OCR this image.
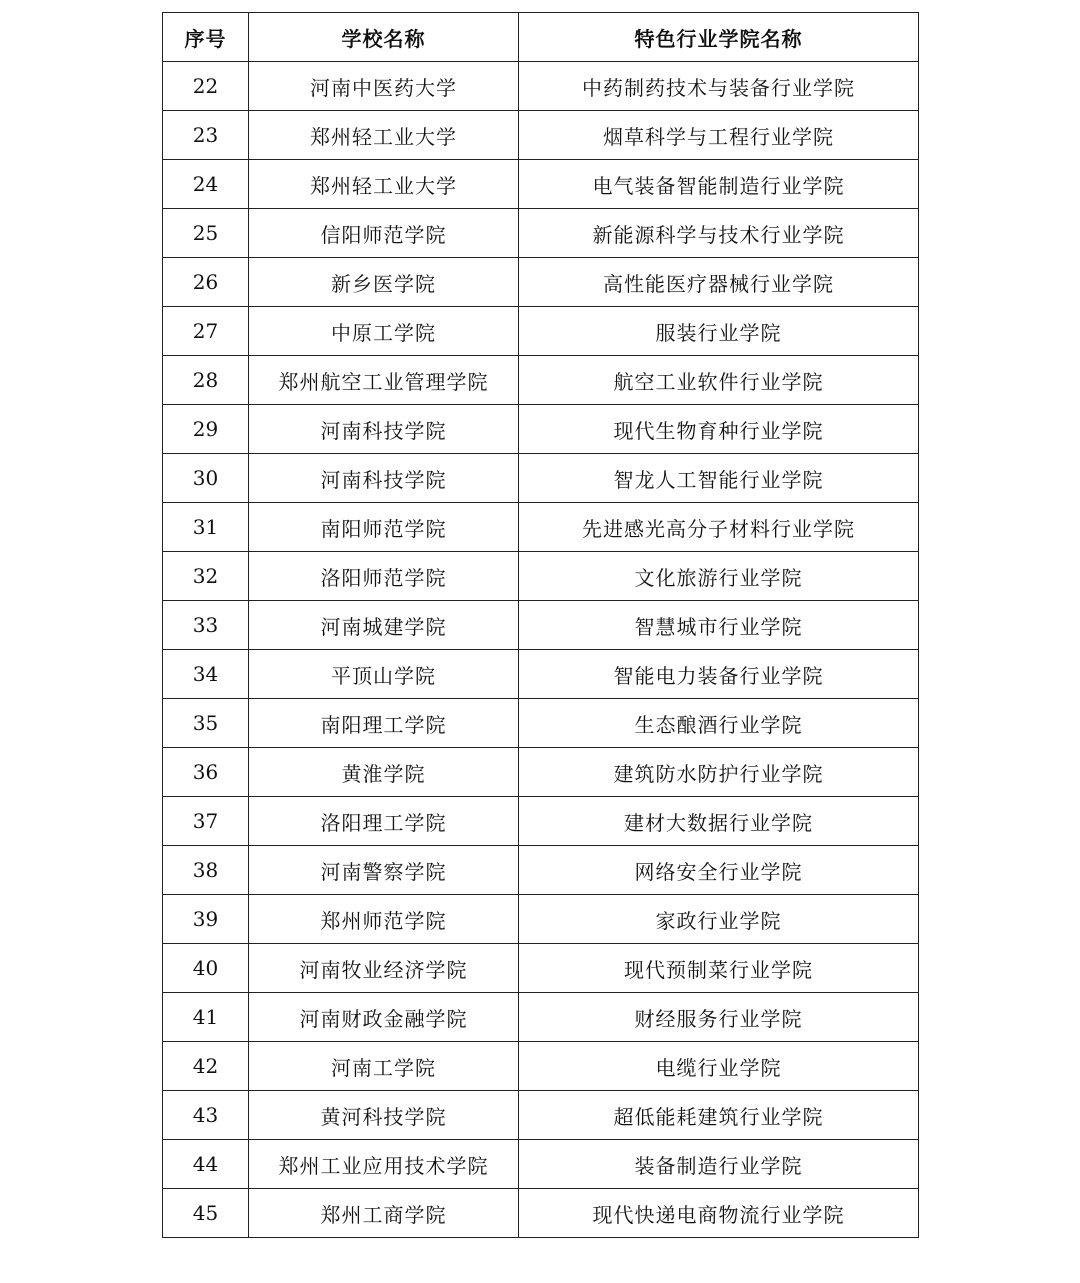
序号	学校名称	特色行业学院名称
22	河南中医药大学	中药制药技术与装备行业学院
23	郑州轻工业大学	烟草科学与工程行业学院
24	郑州轻工业大学	电气装备智能制造行业学院
25	信阳师范学院	新能源科学与技术行业学院
26	新乡医学院	高性能医疗器械行业学院
27	中原工学院	服装行业学院
28	郑州航空工业管理学院	航空工业软件行业学院
29	河南科技学院	现代生物育种行业学院
30	河南科技学院	智龙人工智能行业学院
31	南阳师范学院	先进感光高分子材料行业学院
32	洛阳师范学院	文化旅游行业学院
33	河南城建学院	智慧城市行业学院
34	平顶山学院	智能电力装备行业学院
35	南阳理工学院	生态酿酒行业学院
36	黄淮学院	建筑防水防护行业学院
37	洛阳理工学院	建材大数据行业学院
38	河南警察学院	网络安全行业学院
39	郑州师范学院	家政行业学院
40	河南牧业经济学院	现代预制菜行业学院
41	河南财政金融学院	财经服务行业学院
42	河南工学院	电缆行业学院
43	黄河科技学院	超低能耗建筑行业学院
44	郑州工业应用技术学院	装备制造行业学院
45	郑州工商学院	现代快递电商物流行业学院
